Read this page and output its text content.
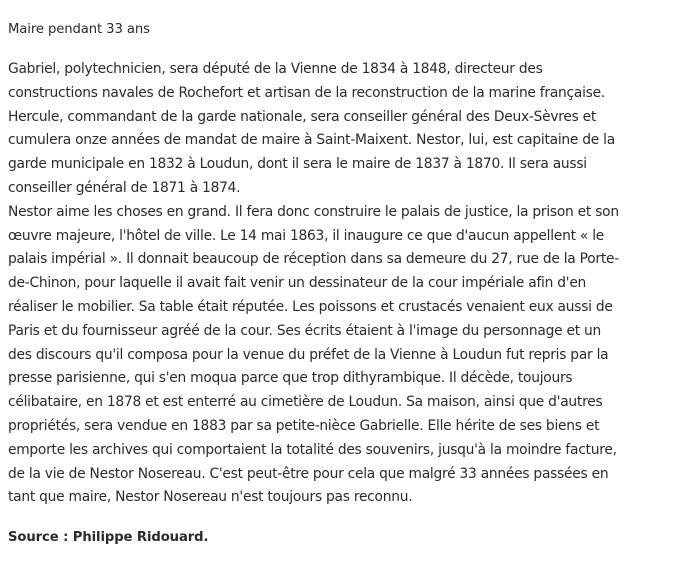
Maire pendant 33 ans
Gabriel, polytechnicien, sera député de la Vienne de 1834 à 1848, directeur des
constructions navales de Rochefort et artisan de la reconstruction de la marine française.
Hercule, commandant de la garde nationale, sera conseiller général des Deux-Sèvres et
cumulera onze années de mandat de maire à Saint-Maixent. Nestor, lui, est capitaine de la
garde municipale en 1832 à Loudun, dont il sera le maire de 1837 à 1870. Il sera aussi
conseiller général de 1871 à 1874.
Nestor aime les choses en grand. Il fera donc construire le palais de justice, la prison et son
œuvre majeure, l'hôtel de ville. Le 14 mai 1863, il inaugure ce que d'aucun appellent « le
palais impérial ». Il donnait beaucoup de réception dans sa demeure du 27, rue de la Porte-
de-Chinon, pour laquelle il avait fait venir un dessinateur de la cour impériale afin d'en
réaliser le mobilier. Sa table était réputée. Les poissons et crustacés venaient eux aussi de
Paris et du fournisseur agréé de la cour. Ses écrits étaient à l'image du personnage et un
des discours qu'il composa pour la venue du préfet de la Vienne à Loudun fut repris par la
presse parisienne, qui s'en moqua parce que trop dithyrambique. Il décède, toujours
célibataire, en 1878 et est enterré au cimetière de Loudun. Sa maison, ainsi que d'autres
propriétés, sera vendue en 1883 par sa petite-nièce Gabrielle. Elle hérite de ses biens et
emporte les archives qui comportaient la totalité des souvenirs, jusqu'à la moindre facture,
de la vie de Nestor Nosereau. C'est peut-être pour cela que malgré 33 années passées en
tant que maire, Nestor Nosereau n'est toujours pas reconnu.
Source : Philippe Ridouard.
